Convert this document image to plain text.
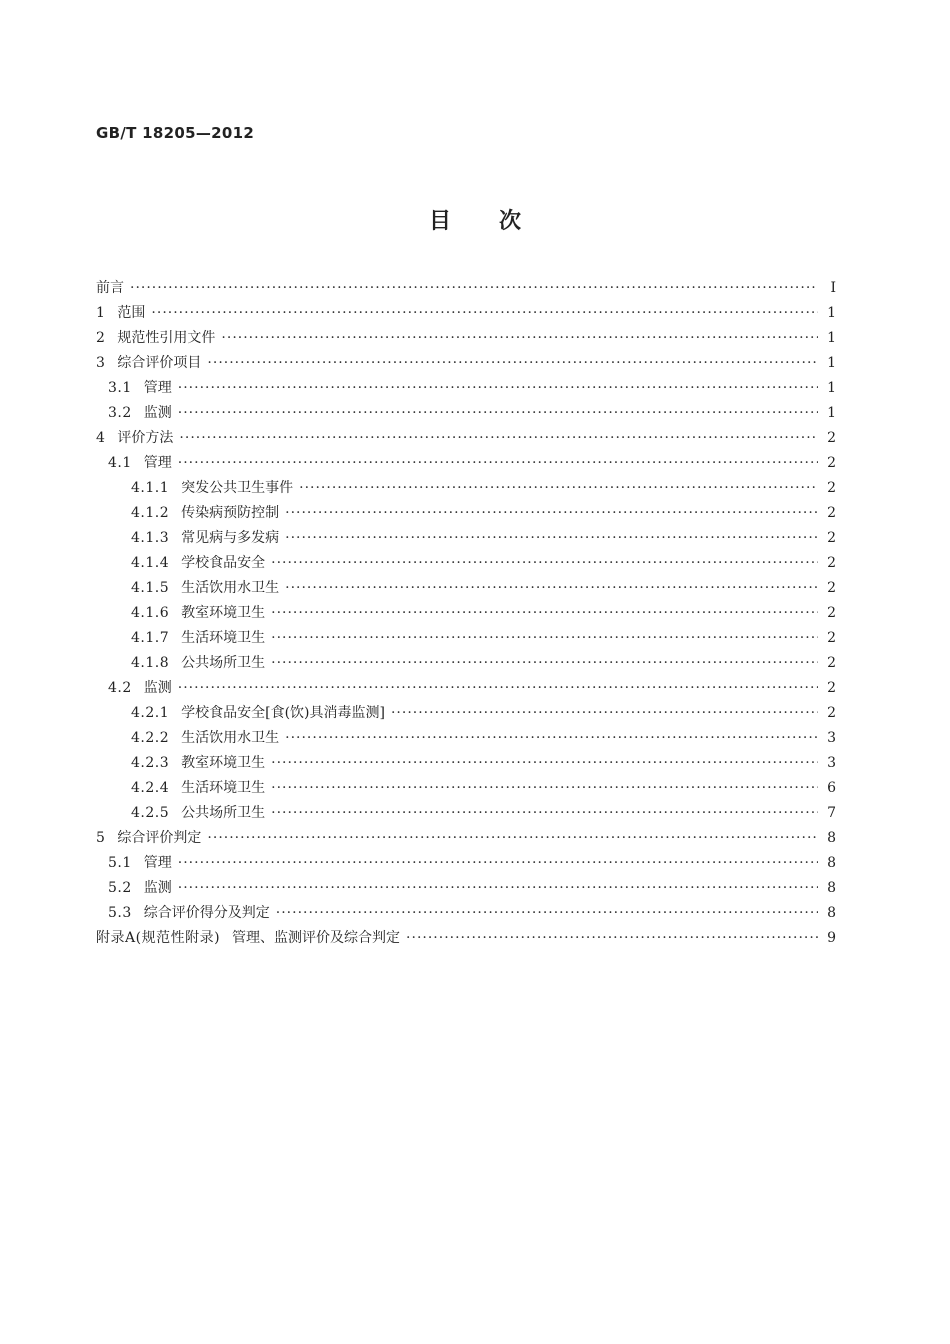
GB/T 18205—2012
目次
前言 ·····	Ⅰ
1 范围 ·····	1
2 规范性引用文件 ·····	1
3 综合评价项目 ·····	1
3.1 管理 ·····	1
3.2 监测 ·····	1
4 评价方法 ·····	2
4.1 管理 ·····	2
4.1.1 突发公共卫生事件 ·····	2
4.1.2 传染病预防控制 ·····	2
4.1.3 常见病与多发病 ·····	2
4.1.4 学校食品安全 ·····	2
4.1.5 生活饮用水卫生 ·····	2
4.1.6 教室环境卫生 ·····	2
4.1.7 生活环境卫生 ·····	2
4.1.8 公共场所卫生 ·····	2
4.2 监测 ·····	2
4.2.1 学校食品安全[食(饮)具消毒监测] ·····	2
4.2.2 生活饮用水卫生 ·····	3
4.2.3 教室环境卫生 ·····	3
4.2.4 生活环境卫生 ·····	6
4.2.5 公共场所卫生 ·····	7
5 综合评价判定 ·····	8
5.1 管理 ·····	8
5.2 监测 ·····	8
5.3 综合评价得分及判定 ·····	8
附录A(规范性附录) 管理、监测评价及综合判定 ·····	9
